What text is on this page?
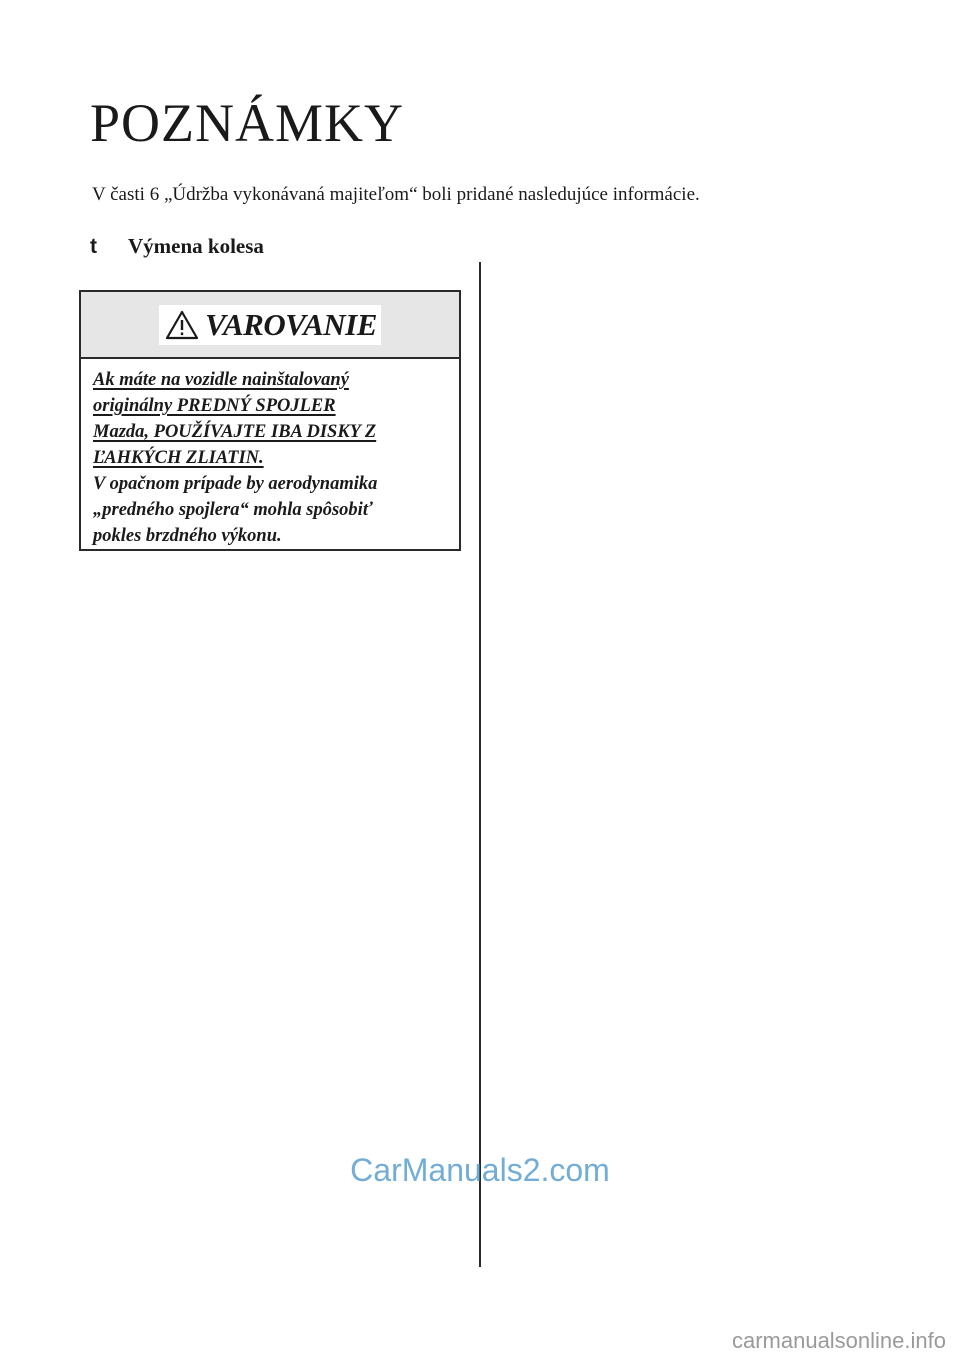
POZNÁMKY

V časti 6 „Údržba vykonávaná majiteľom“ boli pridané nasledujúce informácie.

t	Výmena kolesa
VAROVANIE
Ak máte na vozidle nainštalovaný
originálny PREDNÝ SPOJLER
Mazda, POUŽÍVAJTE IBA DISKY Z
ĽAHKÝCH ZLIATIN.
V opačnom prípade by aerodynamika
„predného spojlera“ mohla spôsobiť
pokles brzdného výkonu.
CarManuals2.com
carmanualsonline.info
